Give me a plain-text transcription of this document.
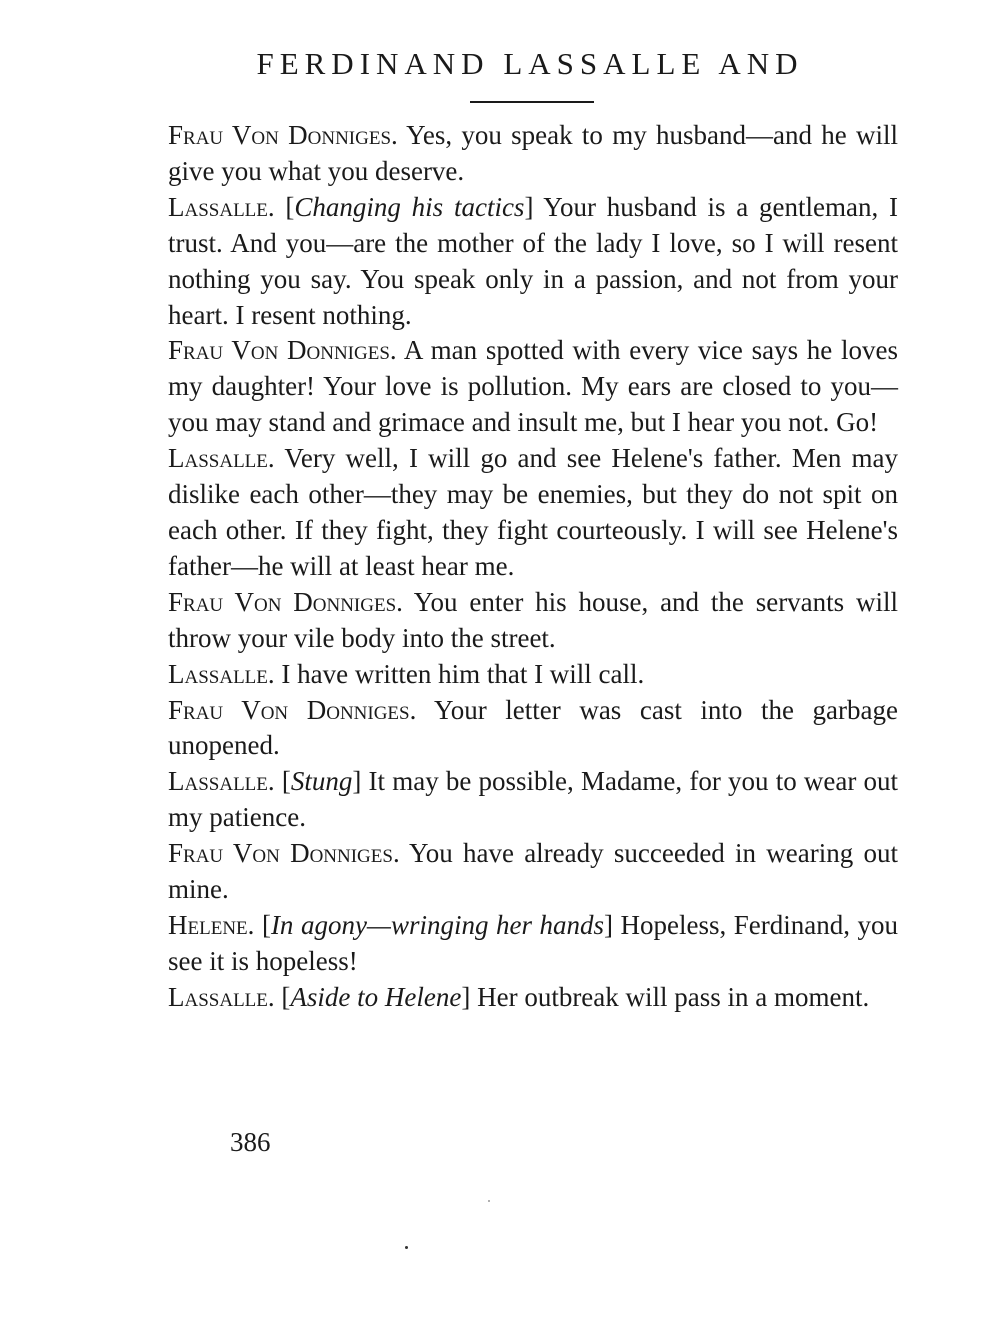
FERDINAND LASSALLE AND

Frau Von Donniges. Yes, you speak to my husband—and he will give you what you deserve.

Lassalle. [Changing his tactics] Your husband is a gentleman, I trust. And you—are the mother of the lady I love, so I will resent nothing you say. You speak only in a passion, and not from your heart. I resent nothing.

Frau Von Donniges. A man spotted with every vice says he loves my daughter! Your love is pollution. My ears are closed to you—you may stand and grimace and insult me, but I hear you not. Go!

Lassalle. Very well, I will go and see Helene's father. Men may dislike each other—they may be enemies, but they do not spit on each other. If they fight, they fight courteously. I will see Helene's father—he will at least hear me.

Frau Von Donniges. You enter his house, and the servants will throw your vile body into the street.

Lassalle. I have written him that I will call.

Frau Von Donniges. Your letter was cast into the garbage unopened.

Lassalle. [Stung] It may be possible, Madame, for you to wear out my patience.

Frau Von Donniges. You have already succeeded in wearing out mine.

Helene. [In agony—wringing her hands] Hopeless, Ferdinand, you see it is hopeless!

Lassalle. [Aside to Helene] Her outbreak will pass in a moment.

386
